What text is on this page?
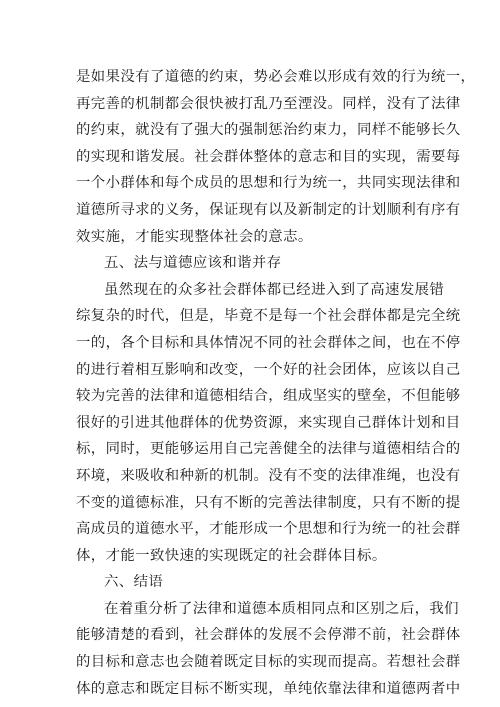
是如果没有了道德的约束，势必会难以形成有效的行为统一，
再完善的机制都会很快被打乱乃至湮没。同样，没有了法律
的约束，就没有了强大的强制惩治约束力，同样不能够长久
的实现和谐发展。社会群体整体的意志和目的实现，需要每
一个小群体和每个成员的思想和行为统一，共同实现法律和
道德所寻求的义务，保证现有以及新制定的计划顺利有序有
效实施，才能实现整体社会的意志。
五、法与道德应该和谐并存
虽然现在的众多社会群体都已经进入到了高速发展错
综复杂的时代，但是，毕竟不是每一个社会群体都是完全统
一的，各个目标和具体情况不同的社会群体之间，也在不停
的进行着相互影响和改变，一个好的社会团体，应该以自己
较为完善的法律和道德相结合，组成坚实的壁垒，不但能够
很好的引进其他群体的优势资源，来实现自己群体计划和目
标，同时，更能够运用自己完善健全的法律与道德相结合的
环境，来吸收和种新的机制。没有不变的法律准绳，也没有
不变的道德标准，只有不断的完善法律制度，只有不断的提
高成员的道德水平，才能形成一个思想和行为统一的社会群
体，才能一致快速的实现既定的社会群体目标。
六、结语
在着重分析了法律和道德本质相同点和区别之后，我们
能够清楚的看到，社会群体的发展不会停滞不前，社会群体
的目标和意志也会随着既定目标的实现而提高。若想社会群
体的意志和既定目标不断实现，单纯依靠法律和道德两者中
